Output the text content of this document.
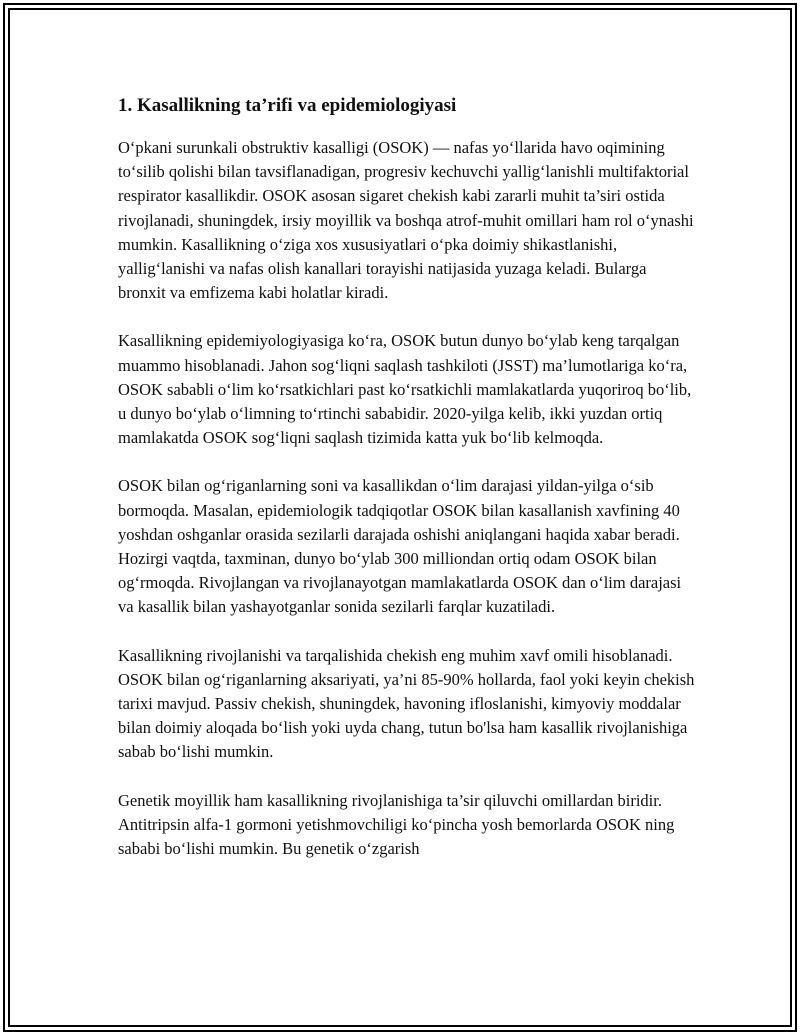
1. Kasallikning ta’rifi va epidemiologiyasi

O‘pkani surunkali obstruktiv kasalligi (OSOK) — nafas yo‘llarida havo oqimining to‘silib qolishi bilan tavsiflanadigan, progresiv kechuvchi yallig‘lanishli multifaktorial respirator kasallikdir. OSOK asosan sigaret chekish kabi zararli muhit ta’siri ostida rivojlanadi, shuningdek, irsiy moyillik va boshqa atrof-muhit omillari ham rol o‘ynashi mumkin. Kasallikning o‘ziga xos xususiyatlari o‘pka doimiy shikastlanishi, yallig‘lanishi va nafas olish kanallari torayishi natijasida yuzaga keladi. Bularga bronxit va emfizema kabi holatlar kiradi.

Kasallikning epidemiyologiyasiga ko‘ra, OSOK butun dunyo bo‘ylab keng tarqalgan muammo hisoblanadi. Jahon sog‘liqni saqlash tashkiloti (JSST) ma’lumotlariga ko‘ra, OSOK sababli o‘lim ko‘rsatkichlari past ko‘rsatkichli mamlakatlarda yuqoriroq bo‘lib, u dunyo bo‘ylab o‘limning to‘rtinchi sababidir. 2020-yilga kelib, ikki yuzdan ortiq mamlakatda OSOK sog‘liqni saqlash tizimida katta yuk bo‘lib kelmoqda.

OSOK bilan og‘riganlarning soni va kasallikdan o‘lim darajasi yildan-yilga o‘sib bormoqda. Masalan, epidemiologik tadqiqotlar OSOK bilan kasallanish xavfining 40 yoshdan oshganlar orasida sezilarli darajada oshishi aniqlangani haqida xabar beradi. Hozirgi vaqtda, taxminan, dunyo bo‘ylab 300 milliondan ortiq odam OSOK bilan og‘rmoqda. Rivojlangan va rivojlanayotgan mamlakatlarda OSOK dan o‘lim darajasi va kasallik bilan yashayotganlar sonida sezilarli farqlar kuzatiladi.

Kasallikning rivojlanishi va tarqalishida chekish eng muhim xavf omili hisoblanadi. OSOK bilan og‘riganlarning aksariyati, ya’ni 85-90% hollarda, faol yoki keyin chekish tarixi mavjud. Passiv chekish, shuningdek, havoning ifloslanishi, kimyoviy moddalar bilan doimiy aloqada bo‘lish yoki uyda chang, tutun bo'lsa ham kasallik rivojlanishiga sabab bo‘lishi mumkin.

Genetik moyillik ham kasallikning rivojlanishiga ta’sir qiluvchi omillardan biridir. Antitripsin alfa-1 gormoni yetishmovchiligi ko‘pincha yosh bemorlarda OSOK ning sababi bo‘lishi mumkin. Bu genetik o‘zgarish
